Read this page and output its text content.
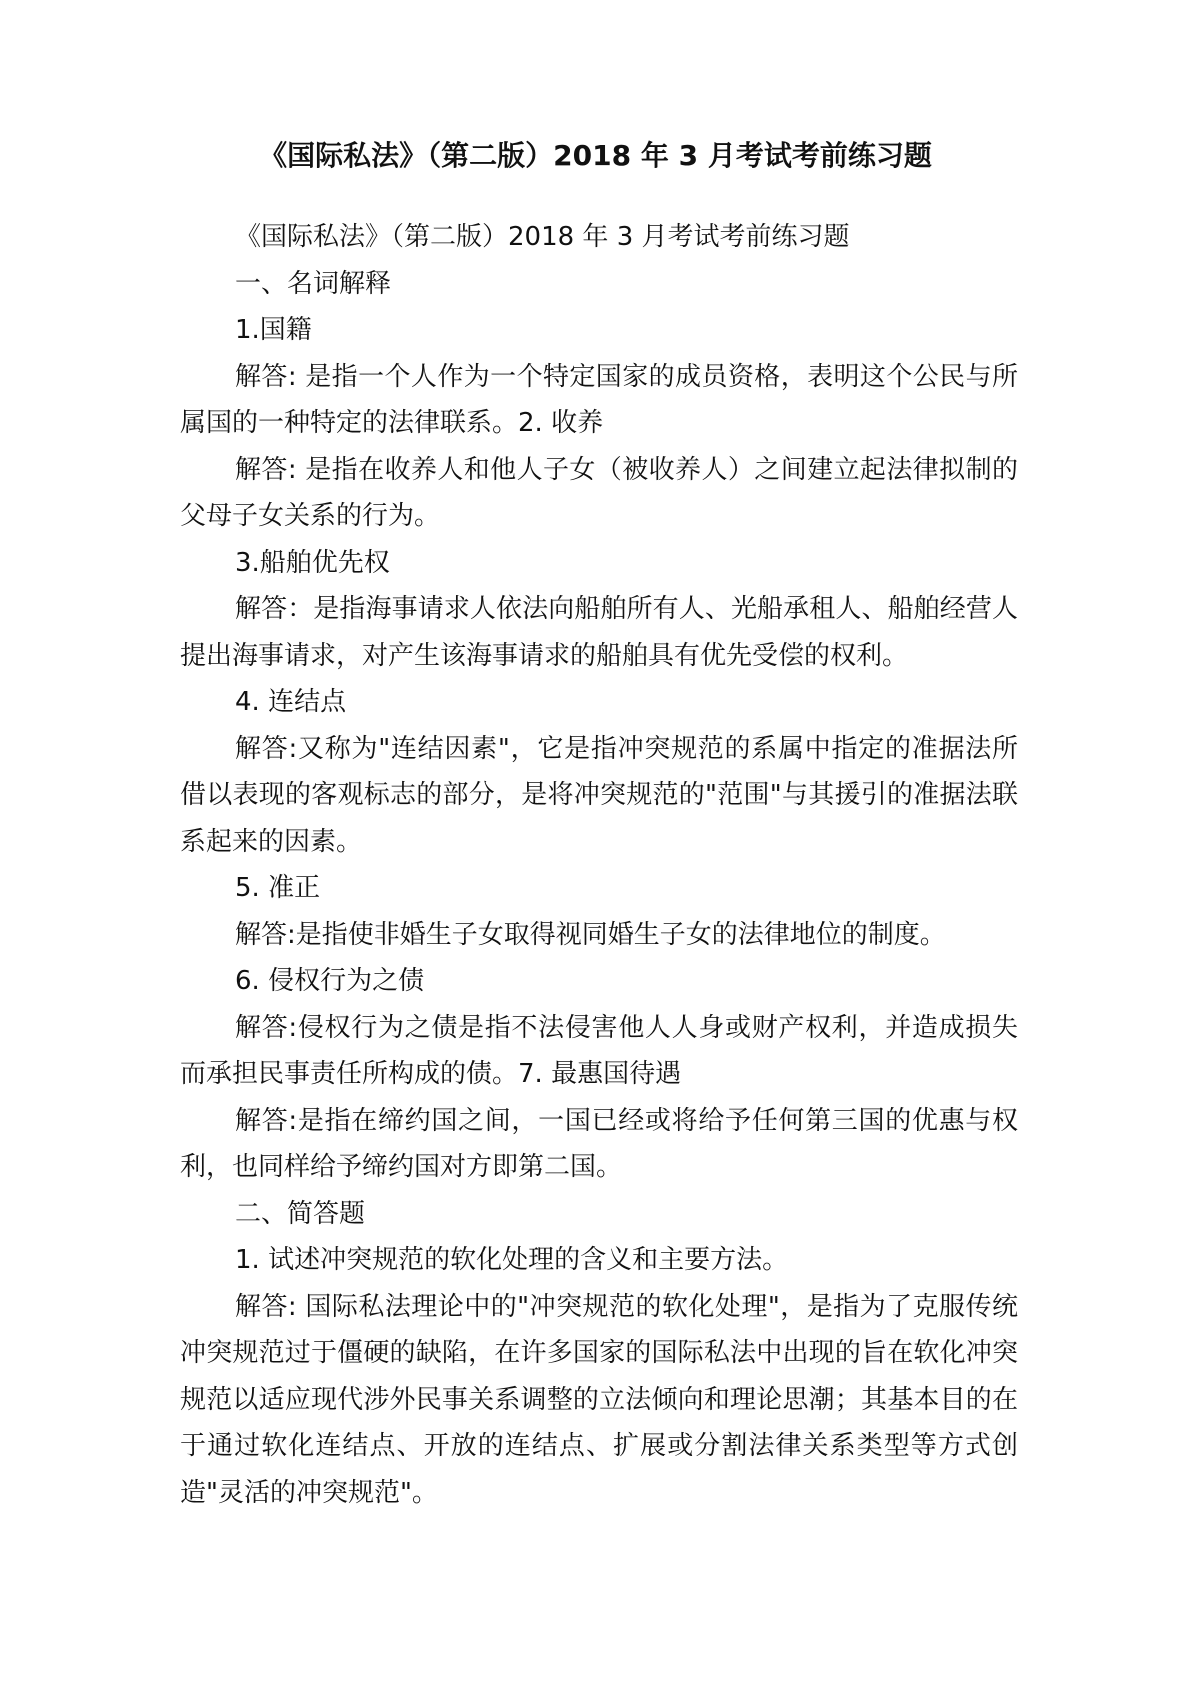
《国际私法》（第二版）2018 年 3 月考试考前练习题

《国际私法》（第二版）2018 年 3 月考试考前练习题

一、名词解释

1.国籍

解答: 是指一个人作为一个特定国家的成员资格，表明这个公民与所属国的一种特定的法律联系。2. 收养

解答: 是指在收养人和他人子女（被收养人）之间建立起法律拟制的父母子女关系的行为。

3.船舶优先权

解答：是指海事请求人依法向船舶所有人、光船承租人、船舶经营人提出海事请求，对产生该海事请求的船舶具有优先受偿的权利。

4. 连结点

解答:又称为"连结因素"，它是指冲突规范的系属中指定的准据法所借以表现的客观标志的部分，是将冲突规范的"范围"与其援引的准据法联系起来的因素。

5. 准正

解答:是指使非婚生子女取得视同婚生子女的法律地位的制度。

6. 侵权行为之债

解答:侵权行为之债是指不法侵害他人人身或财产权利，并造成损失而承担民事责任所构成的债。7. 最惠国待遇

解答:是指在缔约国之间，一国已经或将给予任何第三国的优惠与权利，也同样给予缔约国对方即第二国。

二、简答题

1. 试述冲突规范的软化处理的含义和主要方法。

解答: 国际私法理论中的"冲突规范的软化处理"，是指为了克服传统冲突规范过于僵硬的缺陷，在许多国家的国际私法中出现的旨在软化冲突规范以适应现代涉外民事关系调整的立法倾向和理论思潮；其基本目的在于通过软化连结点、开放的连结点、扩展或分割法律关系类型等方式创造"灵活的冲突规范"。
